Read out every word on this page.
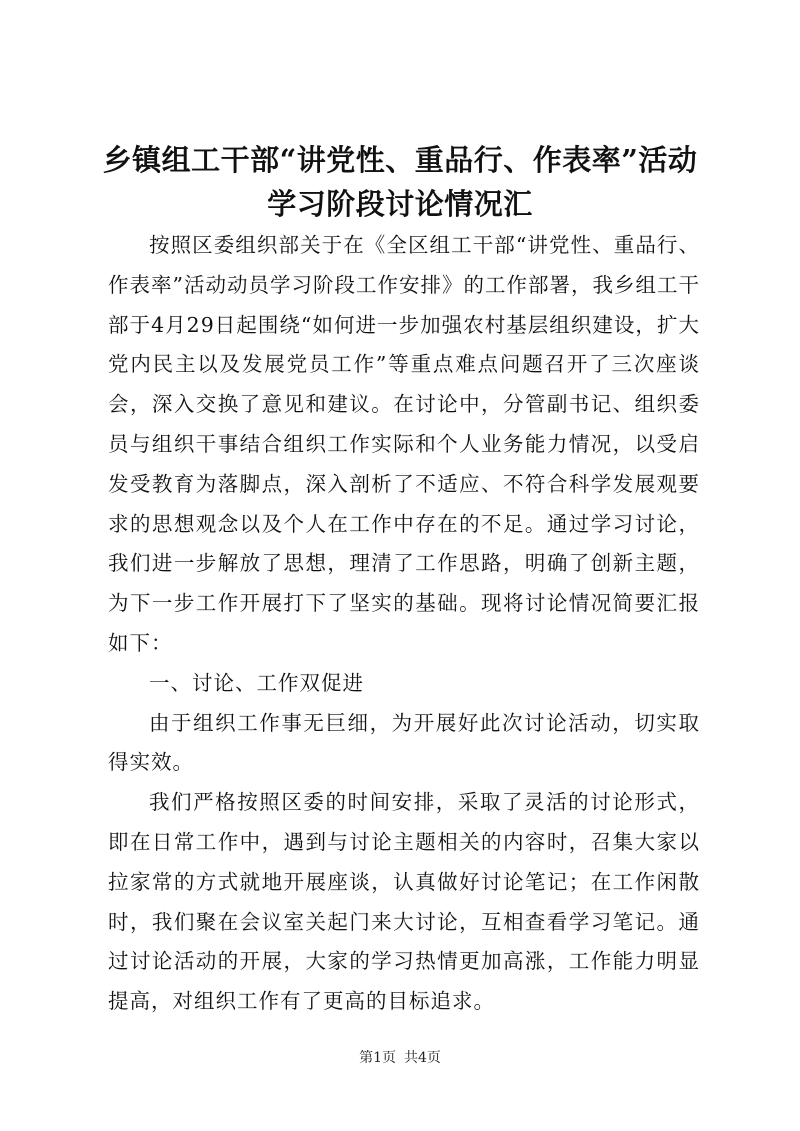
乡镇组工干部“讲党性、重品行、作表率”活动学习阶段讨论情况汇

按照区委组织部关于在《全区组工干部“讲党性、重品行、作表率”活动动员学习阶段工作安排》的工作部署，我乡组工干部于4月29日起围绕“如何进一步加强农村基层组织建设，扩大党内民主以及发展党员工作”等重点难点问题召开了三次座谈会，深入交换了意见和建议。在讨论中，分管副书记、组织委员与组织干事结合组织工作实际和个人业务能力情况，以受启发受教育为落脚点，深入剖析了不适应、不符合科学发展观要求的思想观念以及个人在工作中存在的不足。通过学习讨论，我们进一步解放了思想，理清了工作思路，明确了创新主题，为下一步工作开展打下了坚实的基础。现将讨论情况简要汇报如下：

一、讨论、工作双促进

由于组织工作事无巨细，为开展好此次讨论活动，切实取得实效。

我们严格按照区委的时间安排，采取了灵活的讨论形式，即在日常工作中，遇到与讨论主题相关的内容时，召集大家以拉家常的方式就地开展座谈，认真做好讨论笔记；在工作闲散时，我们聚在会议室关起门来大讨论，互相查看学习笔记。通过讨论活动的开展，大家的学习热情更加高涨，工作能力明显提高，对组织工作有了更高的目标追求。

第1页 共4页
